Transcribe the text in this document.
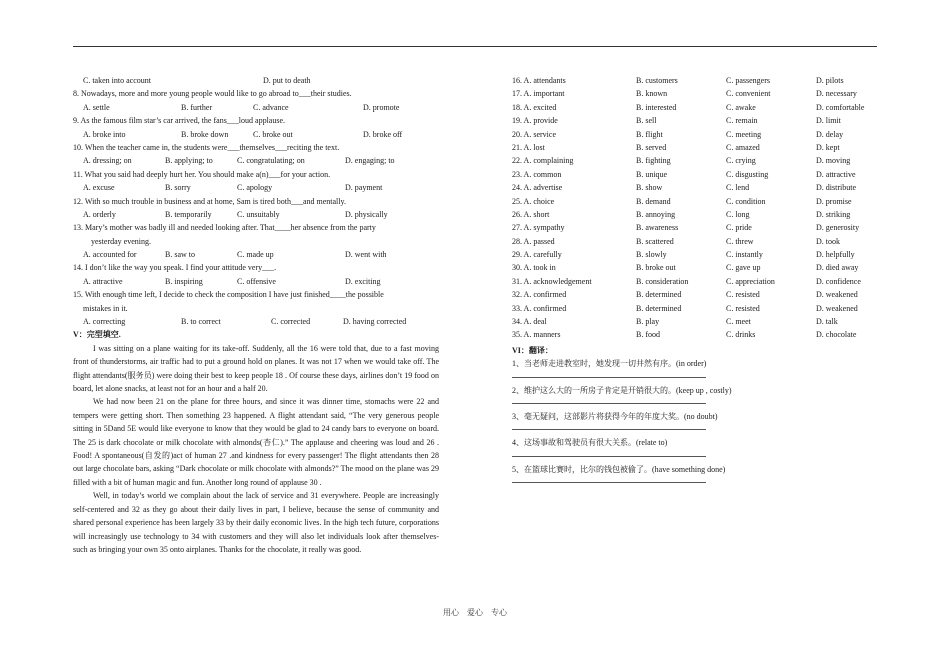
C. taken into account	D. put to death
8. Nowadays, more and more young people would like to go abroad to___their studies.
A. settle	B. further	C. advance	D. promote
9. As the famous film star’s car arrived, the fans___loud applause.
A. broke into	B. broke down	C. broke out	D. broke off
10. When the teacher came in, the students were___themselves___reciting the text.
A. dressing; on	B. applying; to	C. congratulating; on	D. engaging; to
11. What you said had deeply hurt her. You should make a(n)___for your action.
A. excuse	B. sorry	C. apology	D. payment
12. With so much trouble in business and at home, Sam is tired both___and mentally.
A. orderly	B. temporarily	C. unsuitably	D. physically
13. Mary’s mother was badly ill and needed looking after. That____her absence from the party
yesterday evening.
A. accounted for	B. saw to	C. made up	D. went with
14. I don’t like the way you speak. I find your attitude very___.
A. attractive	B. inspiring	C. offensive	D. exciting
15. With enough time left, I decide to check the composition I have just finished____the possible
mistakes in it.
A. correcting	B. to correct	C. corrected	D. having corrected
V：完型填空.
I was sitting on a plane waiting for its take-off. Suddenly, all the 16 were told that, due to a fast moving front of thunderstorms, air traffic had to put a ground hold on planes. It was not 17 when we would take off. The flight attendants(服务员) were doing their best to keep people 18 . Of course these days, airlines don’t 19 food on board, let alone snacks, at least not for an hour and a half 20.
We had now been 21 on the plane for three hours, and since it was dinner time, stomachs were 22 and tempers were getting short. Then something 23 happened. A flight attendant said, “The very generous people sitting in 5Dand 5E would like everyone to know that they would be glad to 24 candy bars to everyone on board. The 25 is dark chocolate or milk chocolate with almonds(杏仁).” The applause and cheering was loud and 26 . Food! A spontaneous(自发的)act of human 27 .and kindness for every passenger! The flight attendants then 28 out large chocolate bars, asking “Dark chocolate or milk chocolate with almonds?” The mood on the plane was 29 filled with a bit of human magic and fun. Another long round of applause 30 .
Well, in today’s world we complain about the lack of service and 31 everywhere. People are increasingly self-centered and 32 as they go about their daily lives in part, I believe, because the sense of community and shared personal experience has been largely 33 by their daily economic lives. In the high tech future, corporations will increasingly use technology to 34 with customers and they will also let individuals look after themselves-such as bringing your own 35 onto airplanes. Thanks for the chocolate, it really was good.
16. A. attendants	B. customers	C. passengers	D. pilots
17. A. important	B. known	C. convenient	D. necessary
18. A. excited	B. interested	C. awake	D. comfortable
19. A. provide	B. sell	C. remain	D. limit
20. A. service	B. flight	C. meeting	D. delay
21. A. lost	B. served	C. amazed	D. kept
22. A. complaining	B. fighting	C. crying	D. moving
23. A. common	B. unique	C. disgusting	D. attractive
24. A. advertise	B. show	C. lend	D. distribute
25. A. choice	B. demand	C. condition	D. promise
26. A. short	B. annoying	C. long	D. striking
27. A. sympathy	B. awareness	C. pride	D. generosity
28. A. passed	B. scattered	C. threw	D. took
29. A. carefully	B. slowly	C. instantly	D. helpfully
30. A. took in	B. broke out	C. gave up	D. died away
31. A. acknowledgement	B. consideration	C. appreciation	D. confidence
32. A. confirmed	B. determined	C. resisted	D. weakened
33. A. confirmed	B. determined	C. resisted	D. weakened
34. A. deal	B. play	C. meet	D. talk
35. A. manners	B. food	C. drinks	D. chocolate
VI：翻译：
1、当老师走进教室时，她发现一切井然有序。(in order)
2、维护这么大的一所房子肯定是开销很大的。(keep up , costly)
3、毫无疑问，这部影片将获得今年的年度大奖。(no doubt)
4、这场事故和驾驶员有很大关系。(relate to)
5、在篮球比赛时，比尔的钱包被偷了。(have something done)
用心　爱心　专心
